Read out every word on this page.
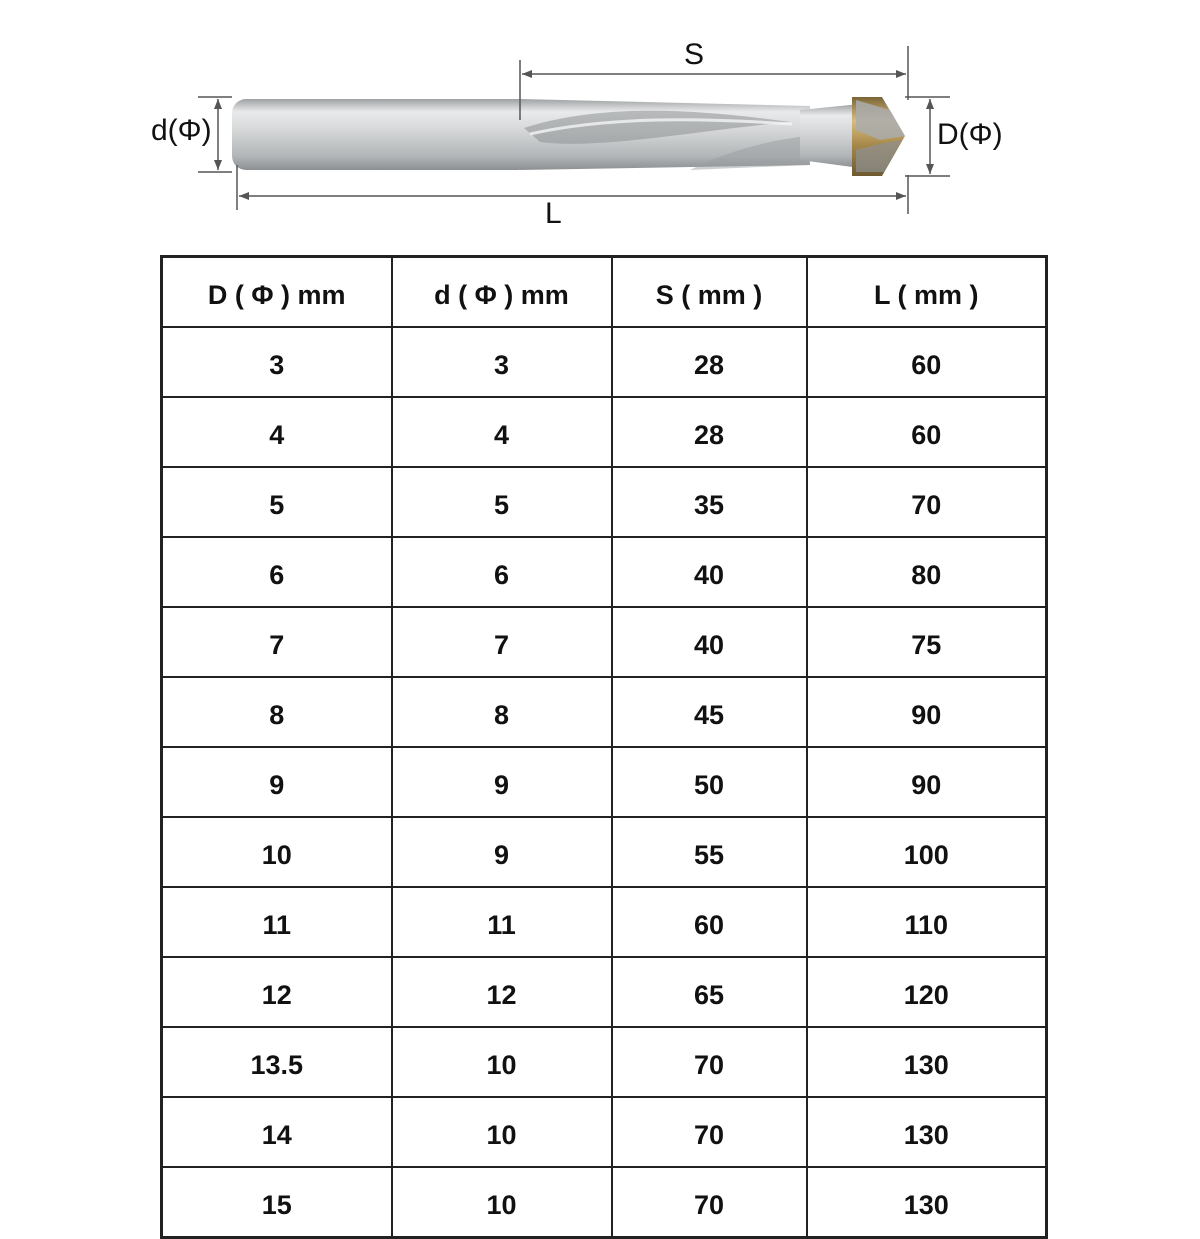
S
L
d(Φ)	D(Φ)
D ( Φ ) mm	d ( Φ ) mm	S ( mm )	L ( mm )
3	3	28	60
4	4	28	60
5	5	35	70
6	6	40	80
7	7	40	75
8	8	45	90
9	9	50	90
10	9	55	100
11	11	60	110
12	12	65	120
13.5	10	70	130
14	10	70	130
15	10	70	130
